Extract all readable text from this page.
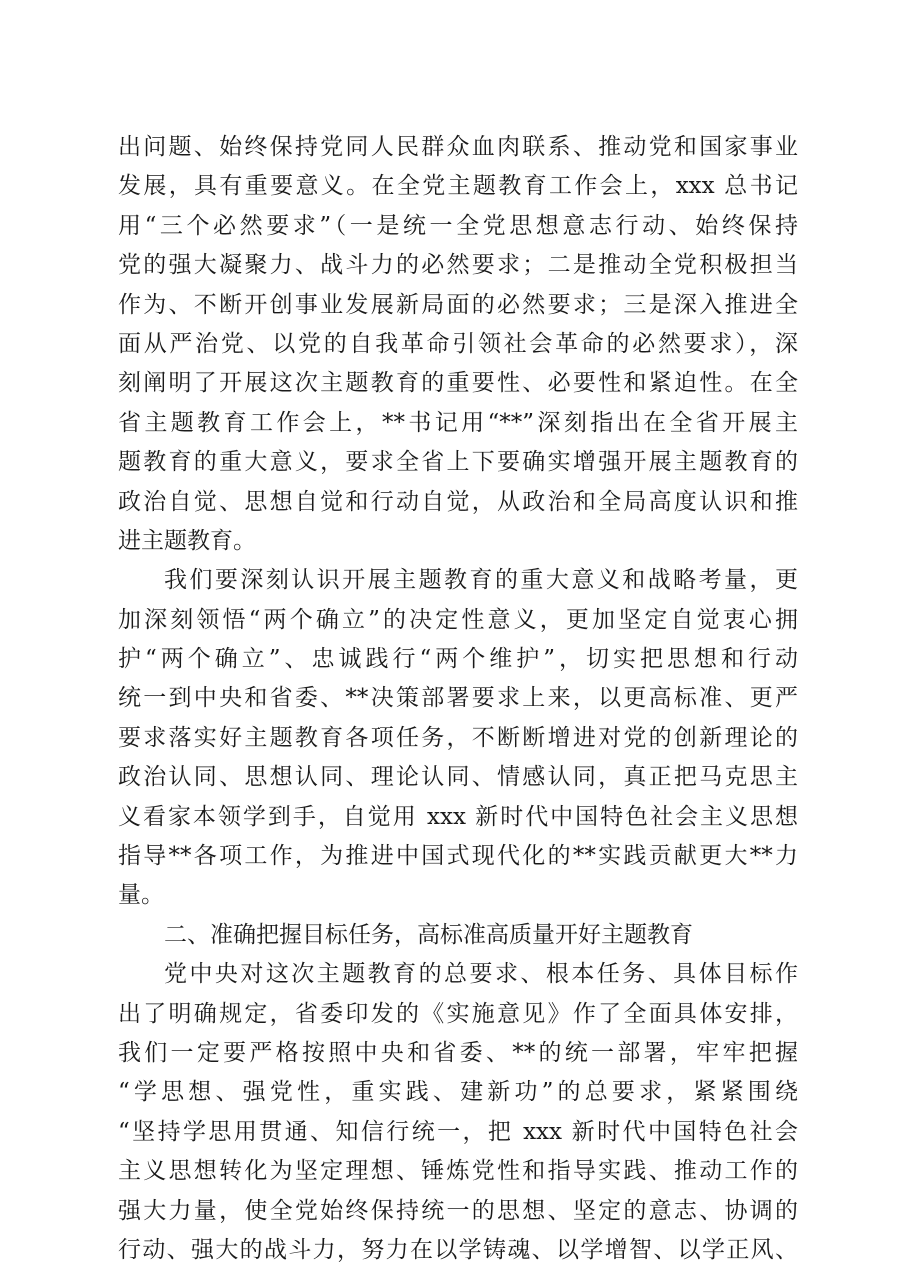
出问题、始终保持党同人民群众血肉联系、推动党和国家事业
发展，具有重要意义。在全党主题教育工作会上，xxx 总书记
用“三个必然要求”（一是统一全党思想意志行动、始终保持
党的强大凝聚力、战斗力的必然要求；二是推动全党积极担当
作为、不断开创事业发展新局面的必然要求；三是深入推进全
面从严治党、以党的自我革命引领社会革命的必然要求），深
刻阐明了开展这次主题教育的重要性、必要性和紧迫性。在全
省主题教育工作会上，**书记用“**”深刻指出在全省开展主
题教育的重大意义，要求全省上下要确实增强开展主题教育的
政治自觉、思想自觉和行动自觉，从政治和全局高度认识和推
进主题教育。
我们要深刻认识开展主题教育的重大意义和战略考量，更
加深刻领悟“两个确立”的决定性意义，更加坚定自觉衷心拥
护“两个确立”、忠诚践行“两个维护”，切实把思想和行动
统一到中央和省委、**决策部署要求上来，以更高标准、更严
要求落实好主题教育各项任务，不断断增进对党的创新理论的
政治认同、思想认同、理论认同、情感认同，真正把马克思主
义看家本领学到手，自觉用 xxx 新时代中国特色社会主义思想
指导**各项工作，为推进中国式现代化的**实践贡献更大**力
量。
二、准确把握目标任务，高标准高质量开好主题教育
党中央对这次主题教育的总要求、根本任务、具体目标作
出了明确规定，省委印发的《实施意见》作了全面具体安排，
我们一定要严格按照中央和省委、**的统一部署，牢牢把握
“学思想、强党性，重实践、建新功”的总要求，紧紧围绕
“坚持学思用贯通、知信行统一，把 xxx 新时代中国特色社会
主义思想转化为坚定理想、锤炼党性和指导实践、推动工作的
强大力量，使全党始终保持统一的思想、坚定的意志、协调的
行动、强大的战斗力，努力在以学铸魂、以学增智、以学正风、
